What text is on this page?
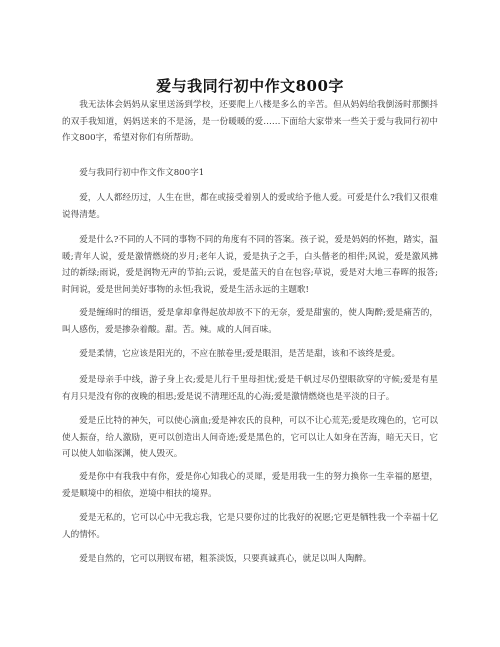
爱与我同行初中作文800字

我无法体会妈妈从家里送汤到学校，还要爬上八楼是多么的辛苦。但从妈妈给我倒汤时那颤抖的双手我知道，妈妈送来的不是汤，是一份暖暖的爱……下面给大家带来一些关于爱与我同行初中作文800字，希望对你们有所帮助。

爱与我同行初中作文作文800字1

爱，人人都经历过，人生在世，都在或接受着别人的爱或给予他人爱。可爱是什么?我们又很难说得清楚。

爱是什么?不同的人不同的事物不同的角度有不同的答案。孩子说，爱是妈妈的怀抱，踏实，温暖;青年人说，爱是激情燃烧的岁月;老年人说，爱是执子之手，白头偕老的相伴;风说，爱是激风拂过的新绿;雨说，爱是润物无声的节拍;云说，爱是蓝天的自在包容;草说，爱是对大地三春晖的报答;时间说，爱是世间美好事物的永恒;我说，爱是生活永远的主题歌!

爱是缠绵时的细语，爱是拿却拿得起放却放不下的无奈，爱是甜蜜的，使人陶醉;爱是痛苦的，叫人感伤，爱是掺杂着酸。甜。苦。辣。咸的人间百味。

爱是柔情，它应该是阳光的，不应在脓卷里;爱是眼泪，是苦是甜，该和不该终是爱。

爱是母亲手中线，游子身上衣;爱是儿行千里母担忧;爱是千帆过尽仍望眼欲穿的守候;爱是有星有月只是没有你的夜晚的相思;爱是说不清理还乱的心海;爱是激情燃烧也是平淡的日子。

爱是丘比特的神矢，可以使心滴血;爱是神农氏的良种，可以不让心荒芜;爱是玫瑰色的，它可以使人振奋，给人激励，更可以创造出人间奇迹;爱是黑色的，它可以让人如身在苦海，暗无天日，它可以使人如临深渊，使人毁灭。

爱是你中有我我中有你，爱是你心知我心的灵犀，爱是用我一生的努力换你一生幸福的愿望，爱是顺境中的相依，逆境中相扶的境界。

爱是无私的，它可以心中无我忘我，它是只要你过的比我好的祝愿;它更是牺牲我一个幸福十亿人的情怀。

爱是自然的，它可以荆钗布裙，粗茶淡饭，只要真诚真心，就足以叫人陶醉。
